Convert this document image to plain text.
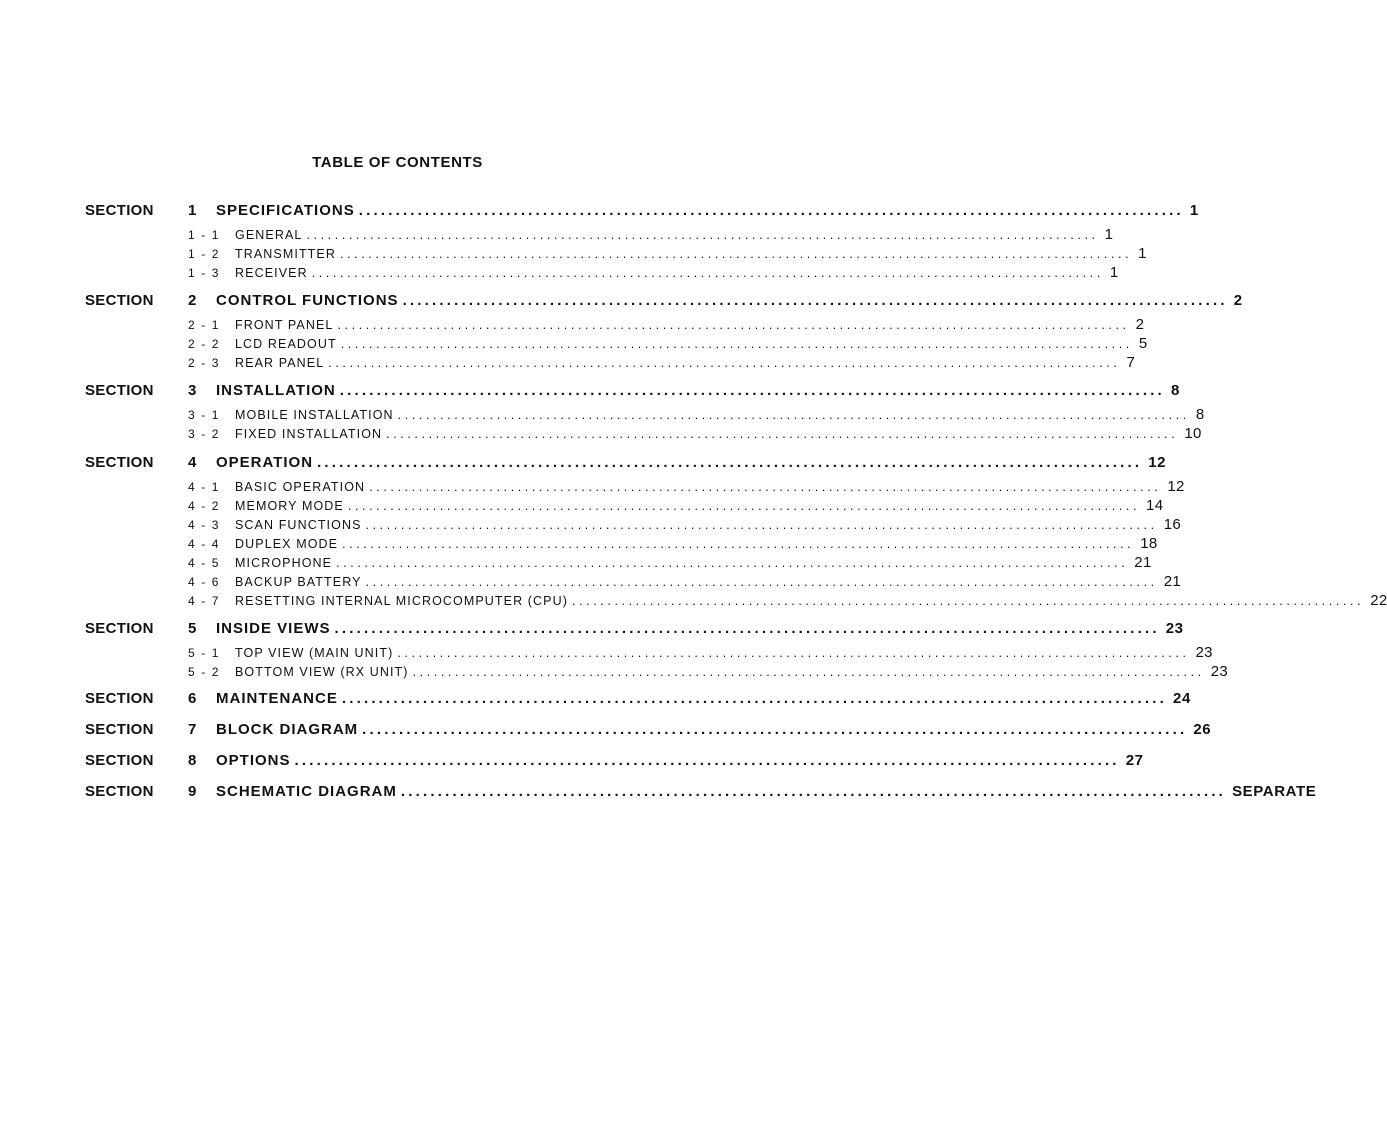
TABLE OF CONTENTS
SECTION 1	SPECIFICATIONS ................................................................................................................ 1
1 - 1	GENERAL ................................................................................................................ 1
1 - 2	TRANSMITTER ................................................................................................................ 1
1 - 3	RECEIVER ................................................................................................................ 1
SECTION 2	CONTROL FUNCTIONS ................................................................................................................ 2
2 - 1	FRONT PANEL ................................................................................................................ 2
2 - 2	LCD READOUT ................................................................................................................ 5
2 - 3	REAR PANEL ................................................................................................................ 7
SECTION 3	INSTALLATION ................................................................................................................ 8
3 - 1	MOBILE INSTALLATION ................................................................................................................ 8
3 - 2	FIXED INSTALLATION ................................................................................................................ 10
SECTION 4	OPERATION ................................................................................................................ 12
4 - 1	BASIC OPERATION ................................................................................................................ 12
4 - 2	MEMORY MODE ................................................................................................................ 14
4 - 3	SCAN FUNCTIONS ................................................................................................................ 16
4 - 4	DUPLEX MODE ................................................................................................................ 18
4 - 5	MICROPHONE ................................................................................................................ 21
4 - 6	BACKUP BATTERY ................................................................................................................ 21
4 - 7	RESETTING INTERNAL MICROCOMPUTER (CPU) ................................................................................................................ 22
SECTION 5	INSIDE VIEWS ................................................................................................................ 23
5 - 1	TOP VIEW (MAIN UNIT) ................................................................................................................ 23
5 - 2	BOTTOM VIEW (RX UNIT) ................................................................................................................ 23
SECTION 6	MAINTENANCE ................................................................................................................ 24
SECTION 7	BLOCK DIAGRAM ................................................................................................................ 26
SECTION 8	OPTIONS ................................................................................................................ 27
SECTION 9	SCHEMATIC DIAGRAM ................................................................................................................ SEPARATE
